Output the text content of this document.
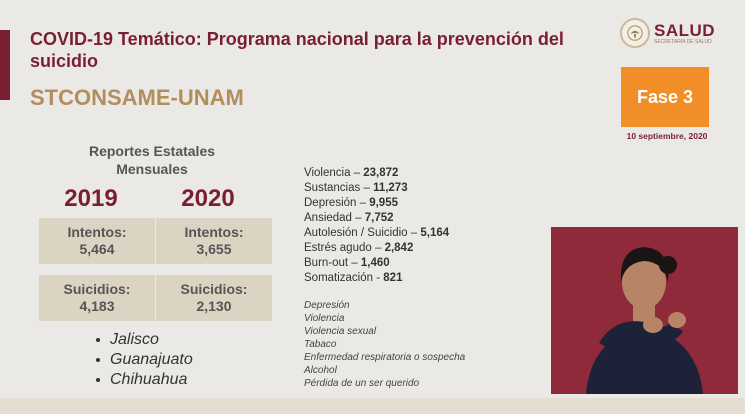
COVID-19 Temático: Programa nacional para la prevención del suicidio
STCONSAME-UNAM
SALUD
SECRETARÍA DE SALUD
Fase 3
10 septiembre, 2020
Reportes Estatales
Mensuales
2019	2020
Intentos:
5,464
Intentos:
3,655
Suicidios:
4,183
Suicidios:
2,130
Jalisco
Guanajuato
Chihuahua
Violencia – 23,872
Sustancias – 11,273
Depresión – 9,955
Ansiedad – 7,752
Autolesión / Suicidio – 5,164
Estrés agudo – 2,842
Burn-out – 1,460
Somatización - 821
Depresión
Violencia
Violencia sexual
Tabaco
Enfermedad respiratoria o sospecha
Alcohol
Pérdida de un ser querido
